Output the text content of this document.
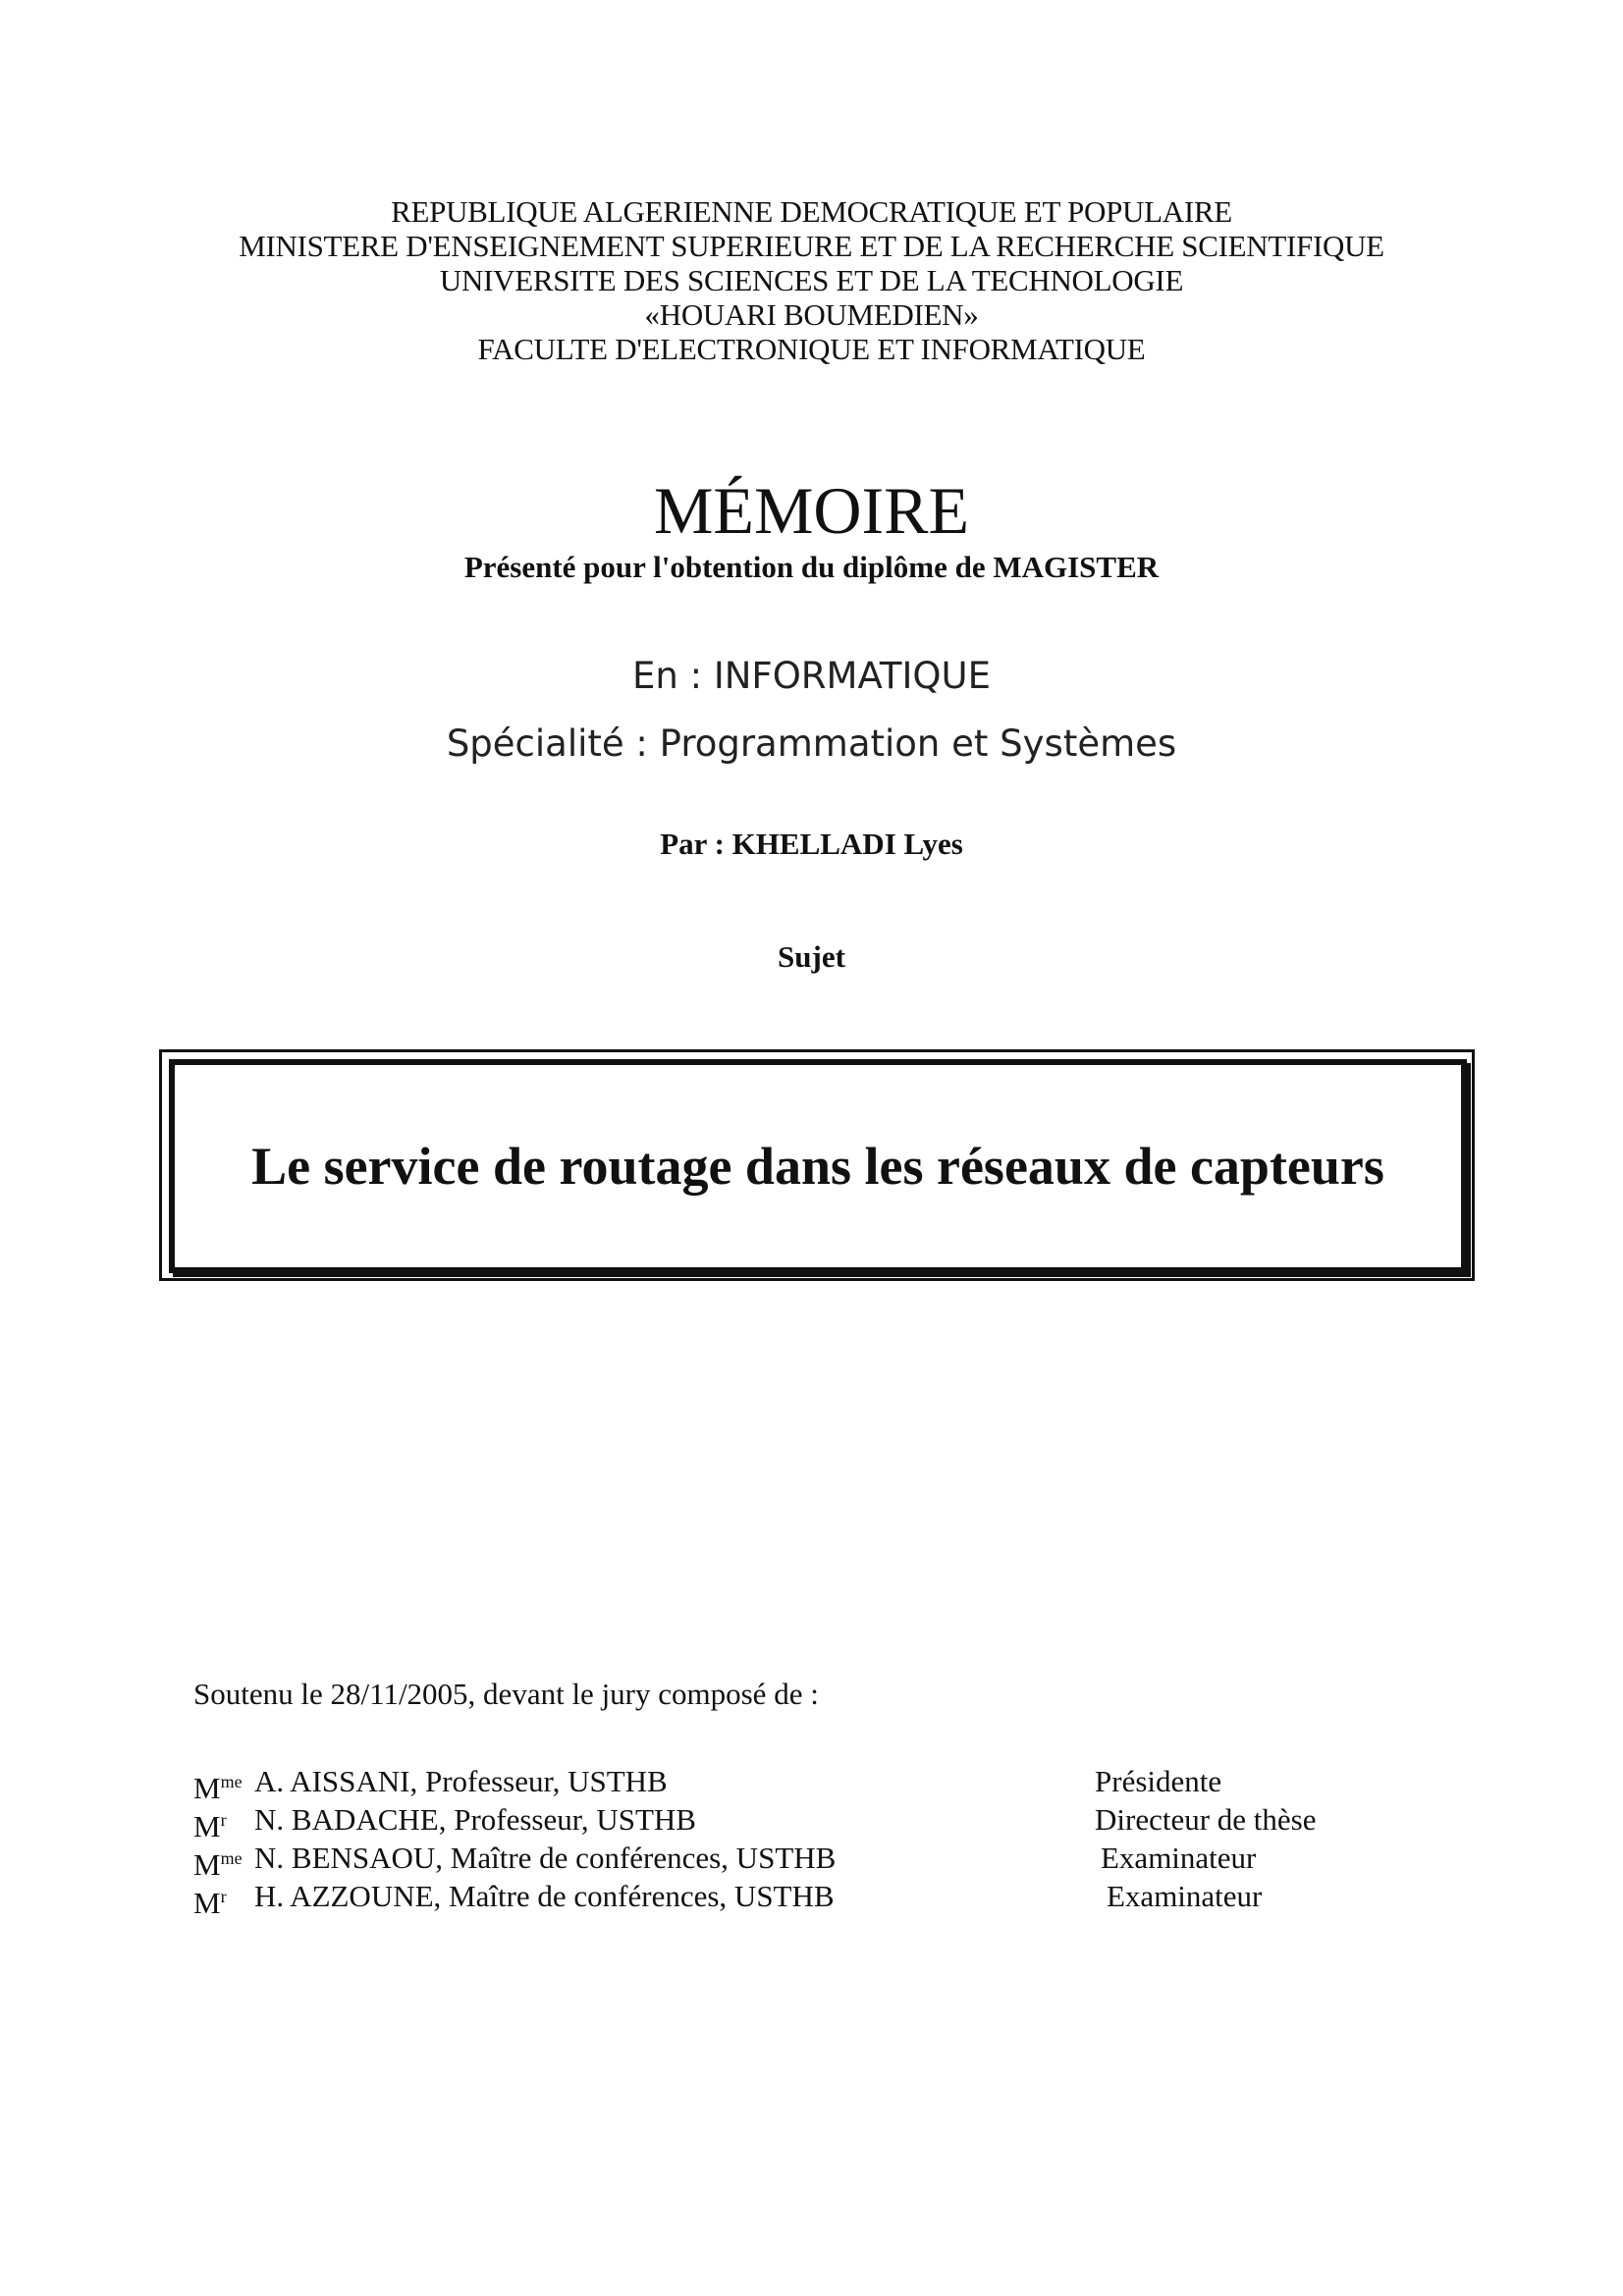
REPUBLIQUE ALGERIENNE DEMOCRATIQUE ET POPULAIRE
MINISTERE D'ENSEIGNEMENT SUPERIEURE ET DE LA RECHERCHE SCIENTIFIQUE
UNIVERSITE DES SCIENCES ET DE LA TECHNOLOGIE
«HOUARI BOUMEDIEN»
FACULTE D'ELECTRONIQUE ET INFORMATIQUE
MÉMOIRE
Présenté pour l'obtention du diplôme de MAGISTER
En : INFORMATIQUE
Spécialité : Programmation et Systèmes
Par : KHELLADI Lyes
Sujet
Le service de routage dans les réseaux de capteurs
Soutenu le 28/11/2005, devant le jury composé de :
$M^{me}$ A. AISSANI, Professeur, USTHB	Présidente
$M^r$ N. BADACHE, Professeur, USTHB	Directeur de thèse
$M^{me}$ N. BENSAOU, Maître de conférences, USTHB	Examinateur
$M^r$ H. AZZOUNE, Maître de conférences, USTHB	Examinateur
